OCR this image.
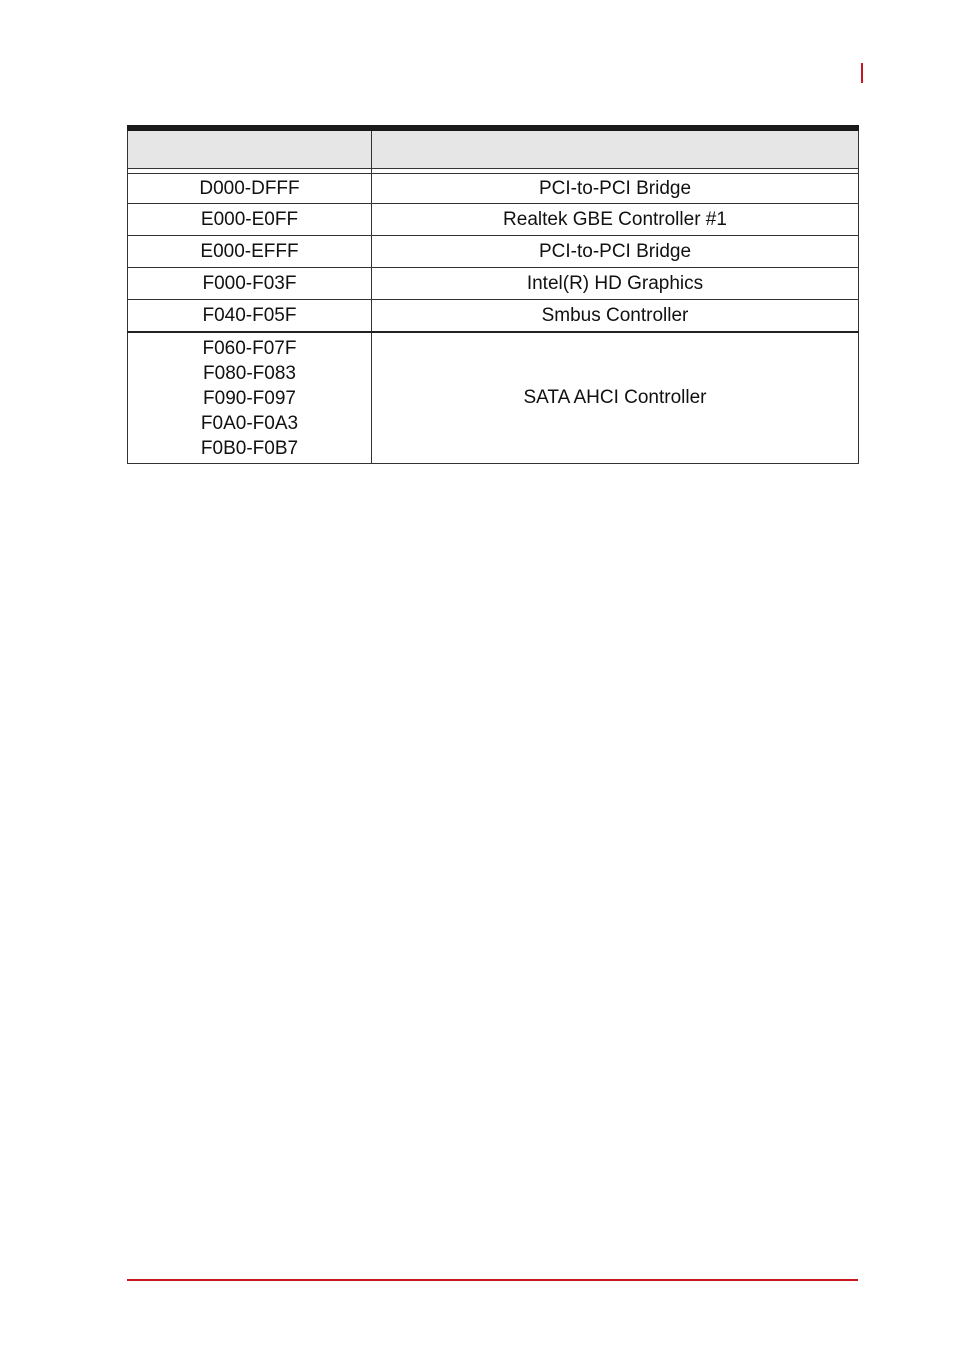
D000-DFFF	PCI-to-PCI Bridge
E000-E0FF	Realtek GBE Controller #1
E000-EFFF	PCI-to-PCI Bridge
F000-F03F	Intel(R) HD Graphics
F040-F05F	Smbus Controller

F060-F07F
F080-F083
F090-F097
F0A0-F0A3
F0B0-F0B7	SATA AHCI Controller
